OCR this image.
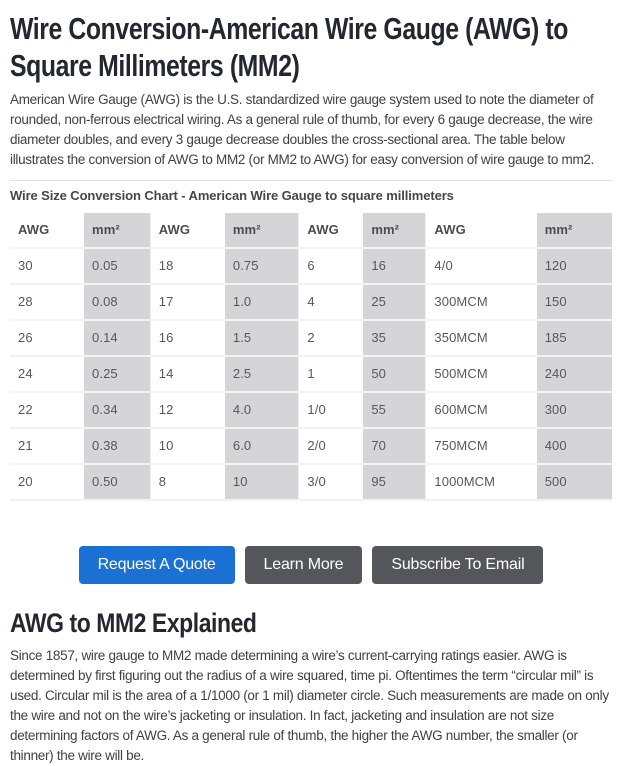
Wire Conversion-American Wire Gauge (AWG) to Square Millimeters (MM2)

American Wire Gauge (AWG) is the U.S. standardized wire gauge system used to note the diameter of rounded, non-ferrous electrical wiring. As a general rule of thumb, for every 6 gauge decrease, the wire diameter doubles, and every 3 gauge decrease doubles the cross-sectional area. The table below illustrates the conversion of AWG to MM2 (or MM2 to AWG) for easy conversion of wire gauge to mm2.

Wire Size Conversion Chart - American Wire Gauge to square millimeters
AWG	mm²	AWG	mm²	AWG	mm²	AWG	mm²
30	0.05	18	0.75	6	16	4/0	120
28	0.08	17	1.0	4	25	300MCM	150
26	0.14	16	1.5	2	35	350MCM	185
24	0.25	14	2.5	1	50	500MCM	240
22	0.34	12	4.0	1/0	55	600MCM	300
21	0.38	10	6.0	2/0	70	750MCM	400
20	0.50	8	10	3/0	95	1000MCM	500
Request A Quote	Learn More	Subscribe To Email
AWG to MM2 Explained

Since 1857, wire gauge to MM2 made determining a wire’s current-carrying ratings easier. AWG is determined by first figuring out the radius of a wire squared, time pi. Oftentimes the term “circular mil” is used. Circular mil is the area of a 1/1000 (or 1 mil) diameter circle. Such measurements are made on only the wire and not on the wire’s jacketing or insulation. In fact, jacketing and insulation are not size determining factors of AWG. As a general rule of thumb, the higher the AWG number, the smaller (or thinner) the wire will be.
